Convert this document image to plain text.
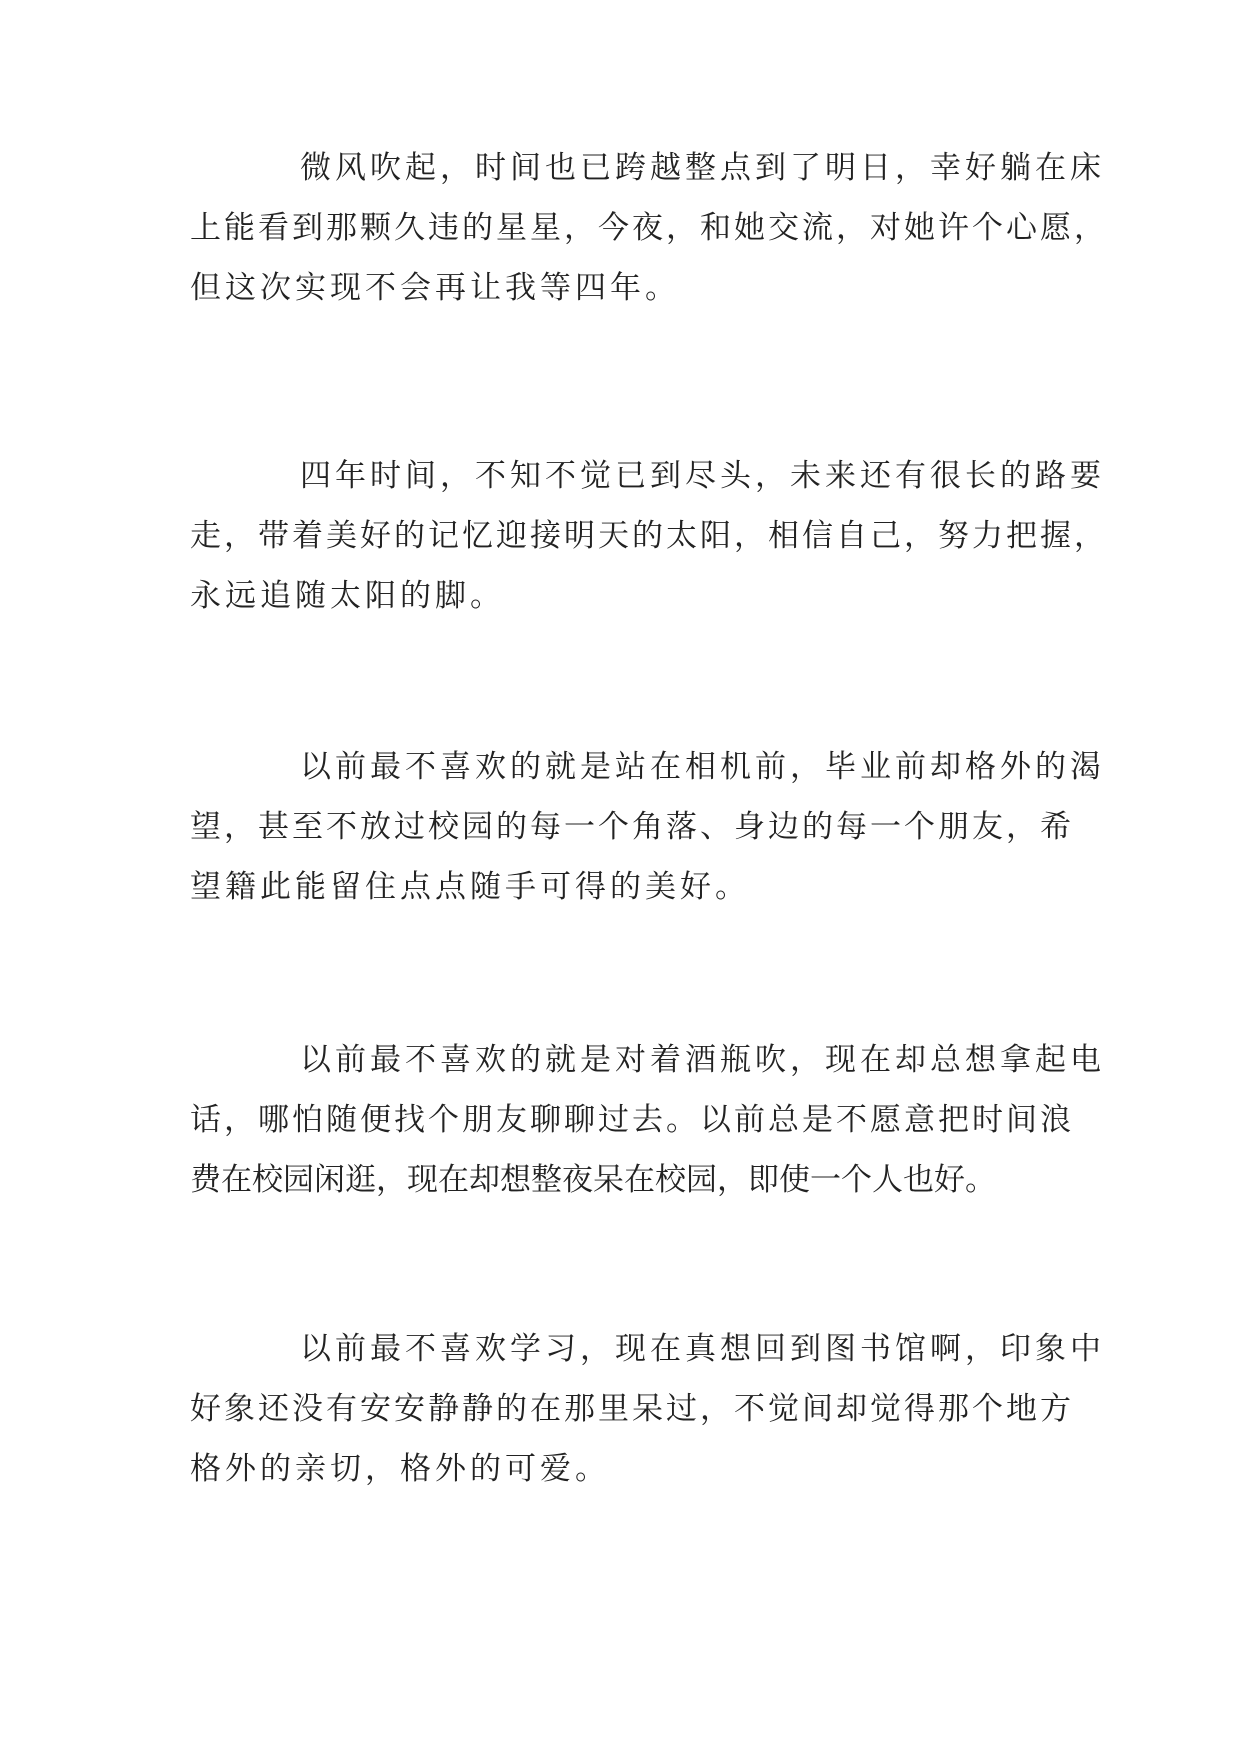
微风吹起，时间也已跨越整点到了明日，幸好躺在床
上能看到那颗久违的星星，今夜，和她交流，对她许个心愿，
但这次实现不会再让我等四年。

四年时间，不知不觉已到尽头，未来还有很长的路要
走，带着美好的记忆迎接明天的太阳，相信自己，努力把握，
永远追随太阳的脚。

以前最不喜欢的就是站在相机前，毕业前却格外的渴
望，甚至不放过校园的每一个角落、身边的每一个朋友，希
望籍此能留住点点随手可得的美好。

以前最不喜欢的就是对着酒瓶吹，现在却总想拿起电
话，哪怕随便找个朋友聊聊过去。以前总是不愿意把时间浪
费在校园闲逛，现在却想整夜呆在校园，即使一个人也好。

以前最不喜欢学习，现在真想回到图书馆啊，印象中
好象还没有安安静静的在那里呆过，不觉间却觉得那个地方
格外的亲切，格外的可爱。
